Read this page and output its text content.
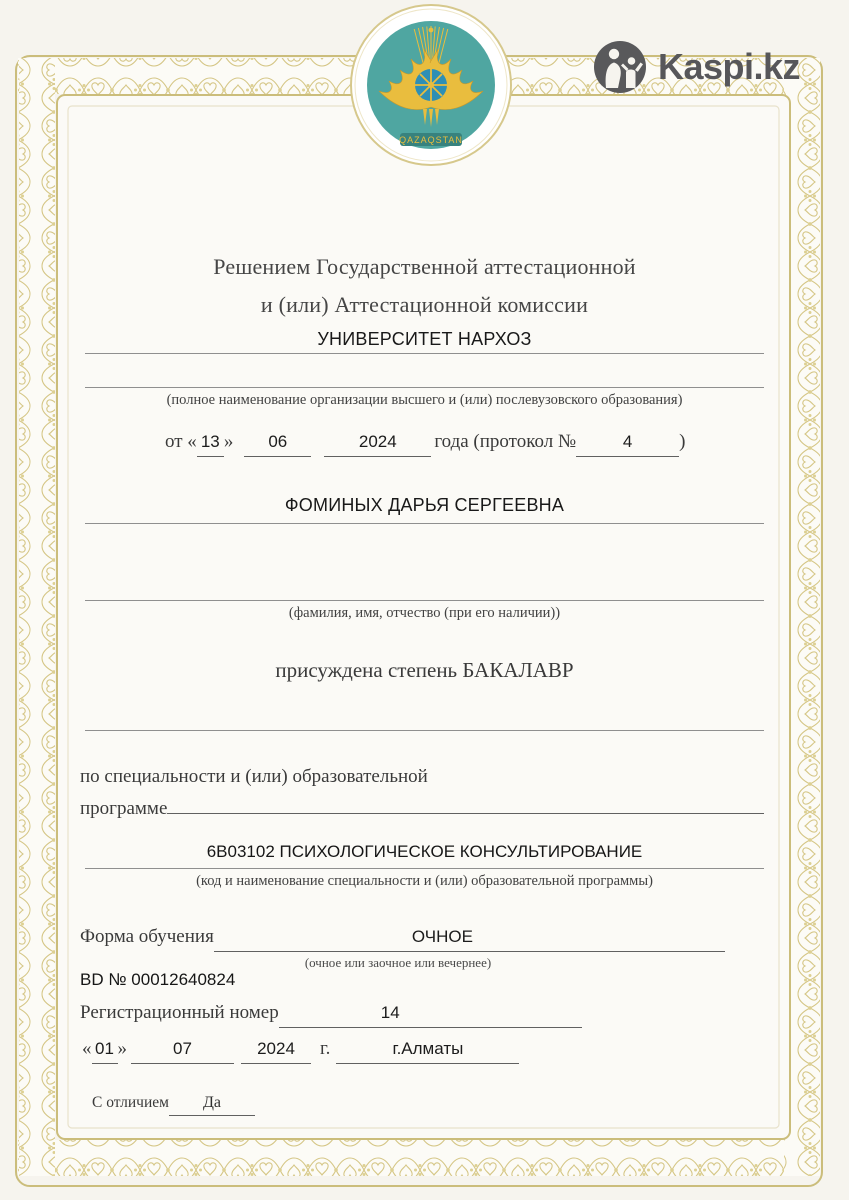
QAZAQSTAN
Kaspi.kz
Решением Государственной аттестационной
и (или) Аттестационной комиссии
УНИВЕРСИТЕТ НАРХОЗ
(полное наименование организации высшего и (или) послевузовского образования)
от « 13 »	06	2024	года (протокол №	4	)
ФОМИНЫХ ДАРЬЯ СЕРГЕЕВНА
(фамилия, имя, отчество (при его наличии))
присуждена степень БАКАЛАВР
по специальности и (или) образовательной
программе
6B03102 ПСИХОЛОГИЧЕСКОЕ КОНСУЛЬТИРОВАНИЕ
(код и наименование специальности и (или) образовательной программы)
Форма обучения	ОЧНОЕ
(очное или заочное или вечернее)
BD № 00012640824
Регистрационный номер	14
« 01 »	07	2024	г.	г.Алматы
С отличием	Да
